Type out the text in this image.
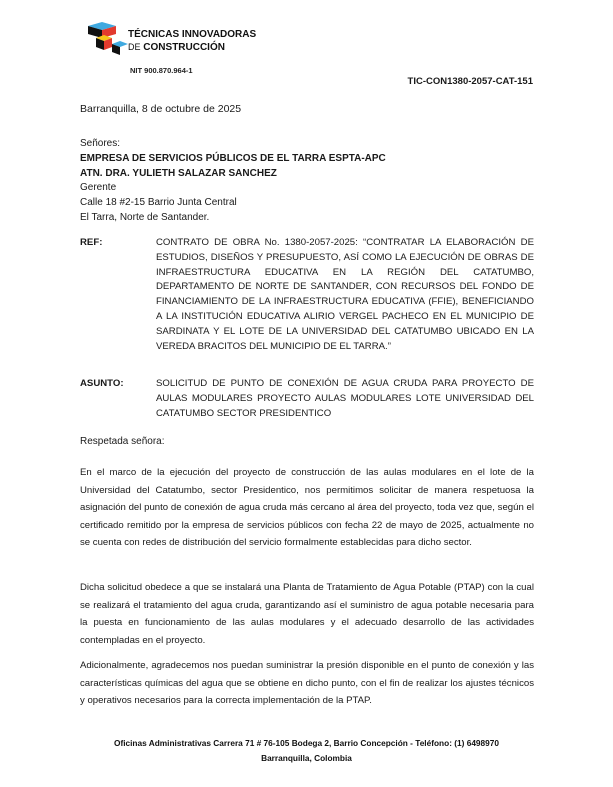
TÉCNICAS INNOVADORAS
DE CONSTRUCCIÓN
NIT 900.870.964-1
TIC-CON1380-2057-CAT-151
Barranquilla, 8 de octubre de 2025
Señores:
EMPRESA DE SERVICIOS PÚBLICOS DE EL TARRA ESPTA-APC
ATN. DRA. YULIETH SALAZAR SANCHEZ
Gerente
Calle 18 #2-15 Barrio Junta Central
El Tarra, Norte de Santander.
REF:	CONTRATO DE OBRA No. 1380-2057-2025: “CONTRATAR LA ELABORACIÓN DE ESTUDIOS, DISEÑOS Y PRESUPUESTO, ASÍ COMO LA EJECUCIÓN DE OBRAS DE INFRAESTRUCTURA EDUCATIVA EN LA REGIÓN DEL CATATUMBO, DEPARTAMENTO DE NORTE DE SANTANDER, CON RECURSOS DEL FONDO DE FINANCIAMIENTO DE LA INFRAESTRUCTURA EDUCATIVA (FFIE), BENEFICIANDO A LA INSTITUCIÓN EDUCATIVA ALIRIO VERGEL PACHECO EN EL MUNICIPIO DE SARDINATA Y EL LOTE DE LA UNIVERSIDAD DEL CATATUMBO UBICADO EN LA VEREDA BRACITOS DEL MUNICIPIO DE EL TARRA.”
ASUNTO:	SOLICITUD DE PUNTO DE CONEXIÓN DE AGUA CRUDA PARA PROYECTO DE AULAS MODULARES PROYECTO AULAS MODULARES LOTE UNIVERSIDAD DEL CATATUMBO SECTOR PRESIDENTICO
Respetada señora:
En el marco de la ejecución del proyecto de construcción de las aulas modulares en el lote de la Universidad del Catatumbo, sector Presidentico, nos permitimos solicitar de manera respetuosa la asignación del punto de conexión de agua cruda más cercano al área del proyecto, toda vez que, según el certificado remitido por la empresa de servicios públicos con fecha 22 de mayo de 2025, actualmente no se cuenta con redes de distribución del servicio formalmente establecidas para dicho sector.
Dicha solicitud obedece a que se instalará una Planta de Tratamiento de Agua Potable (PTAP) con la cual se realizará el tratamiento del agua cruda, garantizando así el suministro de agua potable necesaria para la puesta en funcionamiento de las aulas modulares y el adecuado desarrollo de las actividades contempladas en el proyecto.
Adicionalmente, agradecemos nos puedan suministrar la presión disponible en el punto de conexión y las características químicas del agua que se obtiene en dicho punto, con el fin de realizar los ajustes técnicos y operativos necesarios para la correcta implementación de la PTAP.
Oficinas Administrativas Carrera 71 # 76-105 Bodega 2, Barrio Concepción - Teléfono: (1) 6498970
Barranquilla, Colombia
